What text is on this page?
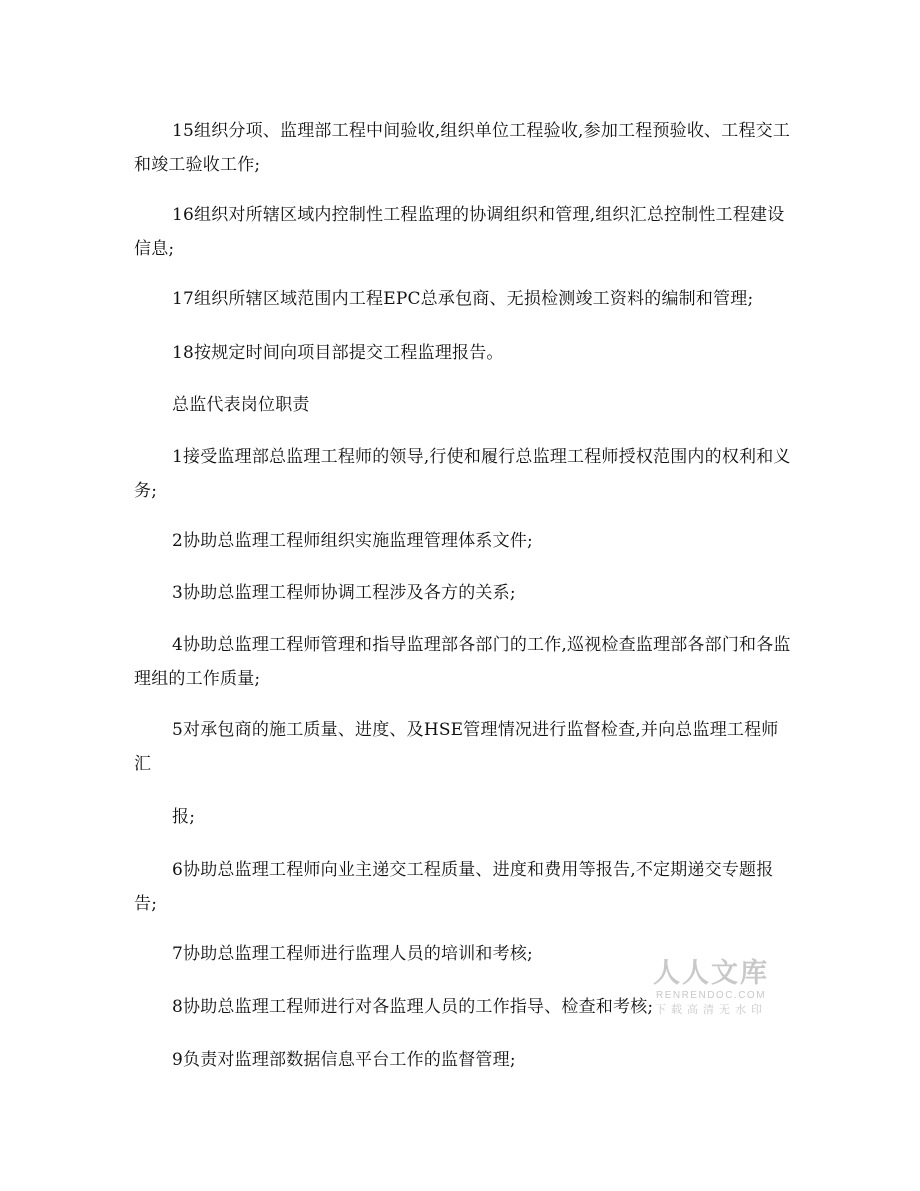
15组织分项、监理部工程中间验收,组织单位工程验收,参加工程预验收、工程交工和竣工验收工作;

16组织对所辖区域内控制性工程监理的协调组织和管理,组织汇总控制性工程建设信息;

17组织所辖区域范围内工程EPC总承包商、无损检测竣工资料的编制和管理;

18按规定时间向项目部提交工程监理报告。

总监代表岗位职责

1接受监理部总监理工程师的领导,行使和履行总监理工程师授权范围内的权利和义务;

2协助总监理工程师组织实施监理管理体系文件;

3协助总监理工程师协调工程涉及各方的关系;

4协助总监理工程师管理和指导监理部各部门的工作,巡视检查监理部各部门和各监理组的工作质量;

5对承包商的施工质量、进度、及HSE管理情况进行监督检查,并向总监理工程师汇

报;

6协助总监理工程师向业主递交工程质量、进度和费用等报告,不定期递交专题报告;

7协助总监理工程师进行监理人员的培训和考核;

8协助总监理工程师进行对各监理人员的工作指导、检查和考核;

9负责对监理部数据信息平台工作的监督管理;

人人文库
RENRENDOC.COM
下载高清无水印
